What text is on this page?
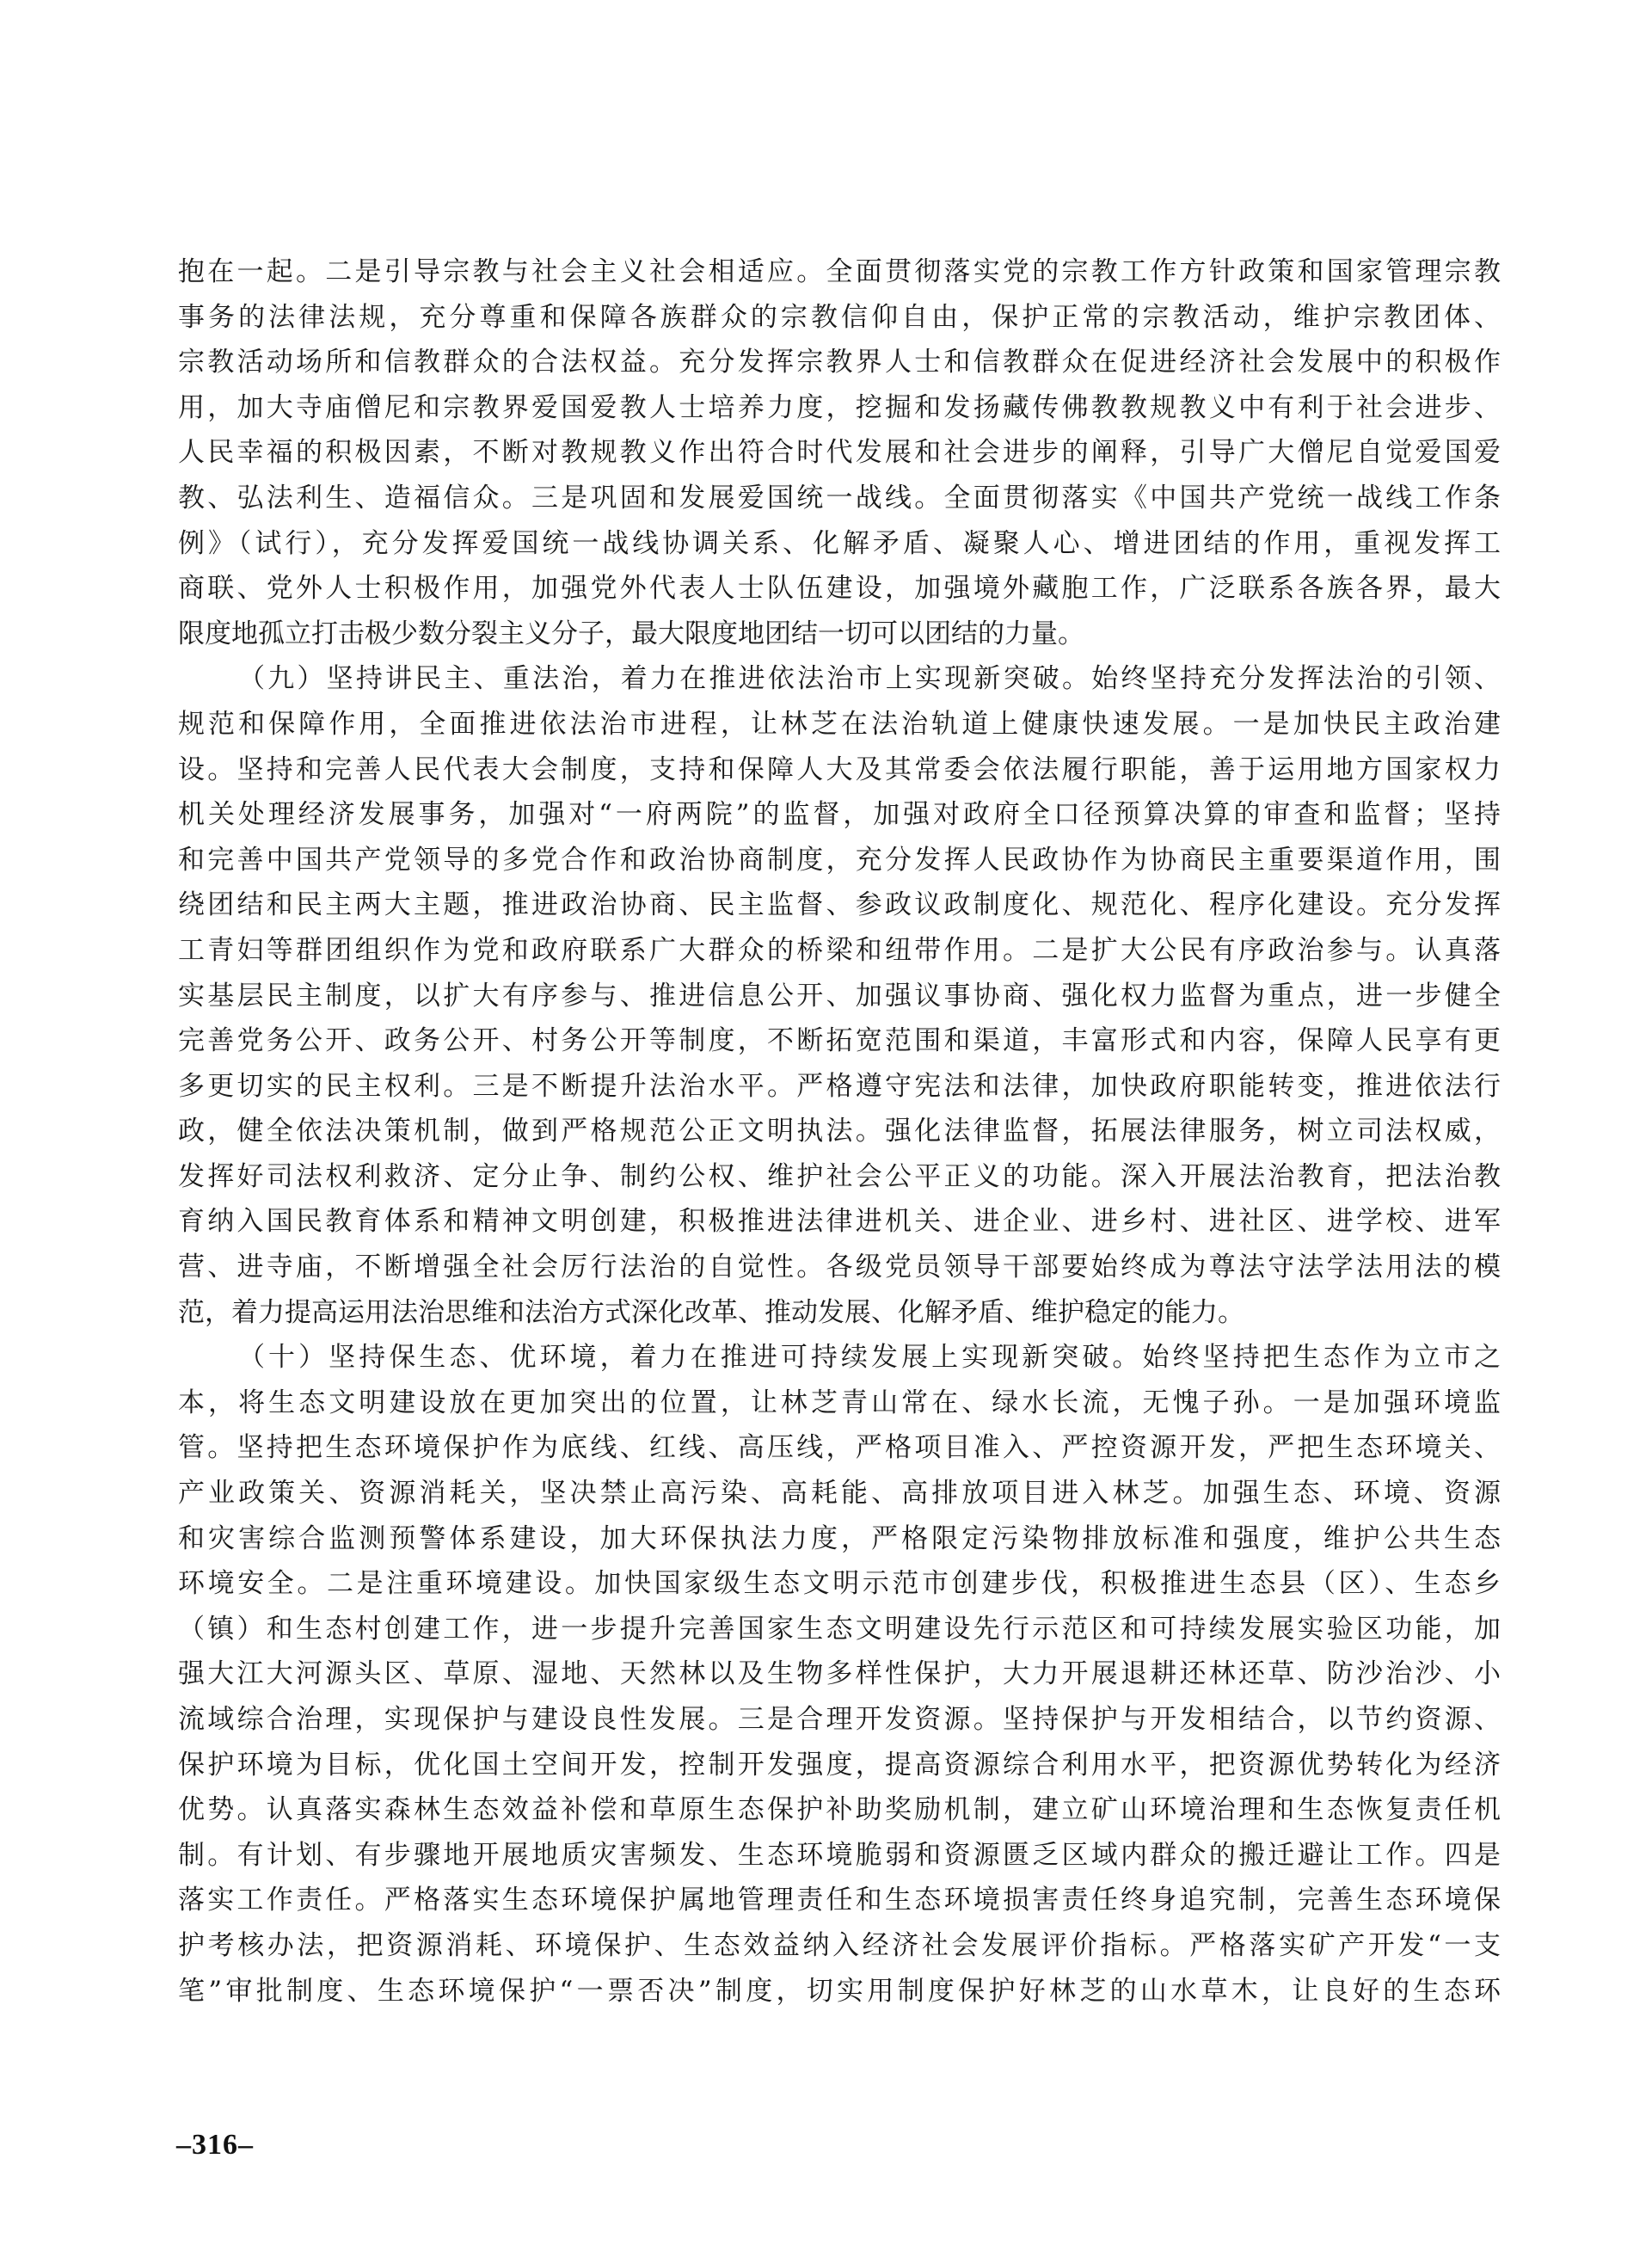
抱在一起。二是引导宗教与社会主义社会相适应。全面贯彻落实党的宗教工作方针政策和国家管理宗教
事务的法律法规，充分尊重和保障各族群众的宗教信仰自由，保护正常的宗教活动，维护宗教团体、
宗教活动场所和信教群众的合法权益。充分发挥宗教界人士和信教群众在促进经济社会发展中的积极作
用，加大寺庙僧尼和宗教界爱国爱教人士培养力度，挖掘和发扬藏传佛教教规教义中有利于社会进步、
人民幸福的积极因素，不断对教规教义作出符合时代发展和社会进步的阐释，引导广大僧尼自觉爱国爱
教、弘法利生、造福信众。三是巩固和发展爱国统一战线。全面贯彻落实《中国共产党统一战线工作条
例》（试行），充分发挥爱国统一战线协调关系、化解矛盾、凝聚人心、增进团结的作用，重视发挥工
商联、党外人士积极作用，加强党外代表人士队伍建设，加强境外藏胞工作，广泛联系各族各界，最大
限度地孤立打击极少数分裂主义分子，最大限度地团结一切可以团结的力量。
（九）坚持讲民主、重法治，着力在推进依法治市上实现新突破。始终坚持充分发挥法治的引领、
规范和保障作用，全面推进依法治市进程，让林芝在法治轨道上健康快速发展。一是加快民主政治建
设。坚持和完善人民代表大会制度，支持和保障人大及其常委会依法履行职能，善于运用地方国家权力
机关处理经济发展事务，加强对“一府两院”的监督，加强对政府全口径预算决算的审查和监督；坚持
和完善中国共产党领导的多党合作和政治协商制度，充分发挥人民政协作为协商民主重要渠道作用，围
绕团结和民主两大主题，推进政治协商、民主监督、参政议政制度化、规范化、程序化建设。充分发挥
工青妇等群团组织作为党和政府联系广大群众的桥梁和纽带作用。二是扩大公民有序政治参与。认真落
实基层民主制度，以扩大有序参与、推进信息公开、加强议事协商、强化权力监督为重点，进一步健全
完善党务公开、政务公开、村务公开等制度，不断拓宽范围和渠道，丰富形式和内容，保障人民享有更
多更切实的民主权利。三是不断提升法治水平。严格遵守宪法和法律，加快政府职能转变，推进依法行
政，健全依法决策机制，做到严格规范公正文明执法。强化法律监督，拓展法律服务，树立司法权威，
发挥好司法权利救济、定分止争、制约公权、维护社会公平正义的功能。深入开展法治教育，把法治教
育纳入国民教育体系和精神文明创建，积极推进法律进机关、进企业、进乡村、进社区、进学校、进军
营、进寺庙，不断增强全社会厉行法治的自觉性。各级党员领导干部要始终成为尊法守法学法用法的模
范，着力提高运用法治思维和法治方式深化改革、推动发展、化解矛盾、维护稳定的能力。
（十）坚持保生态、优环境，着力在推进可持续发展上实现新突破。始终坚持把生态作为立市之
本，将生态文明建设放在更加突出的位置，让林芝青山常在、绿水长流，无愧子孙。一是加强环境监
管。坚持把生态环境保护作为底线、红线、高压线，严格项目准入、严控资源开发，严把生态环境关、
产业政策关、资源消耗关，坚决禁止高污染、高耗能、高排放项目进入林芝。加强生态、环境、资源
和灾害综合监测预警体系建设，加大环保执法力度，严格限定污染物排放标准和强度，维护公共生态
环境安全。二是注重环境建设。加快国家级生态文明示范市创建步伐，积极推进生态县（区）、生态乡
（镇）和生态村创建工作，进一步提升完善国家生态文明建设先行示范区和可持续发展实验区功能，加
强大江大河源头区、草原、湿地、天然林以及生物多样性保护，大力开展退耕还林还草、防沙治沙、小
流域综合治理，实现保护与建设良性发展。三是合理开发资源。坚持保护与开发相结合，以节约资源、
保护环境为目标，优化国土空间开发，控制开发强度，提高资源综合利用水平，把资源优势转化为经济
优势。认真落实森林生态效益补偿和草原生态保护补助奖励机制，建立矿山环境治理和生态恢复责任机
制。有计划、有步骤地开展地质灾害频发、生态环境脆弱和资源匮乏区域内群众的搬迁避让工作。四是
落实工作责任。严格落实生态环境保护属地管理责任和生态环境损害责任终身追究制，完善生态环境保
护考核办法，把资源消耗、环境保护、生态效益纳入经济社会发展评价指标。严格落实矿产开发“一支
笔”审批制度、生态环境保护“一票否决”制度，切实用制度保护好林芝的山水草木，让良好的生态环
–316–
